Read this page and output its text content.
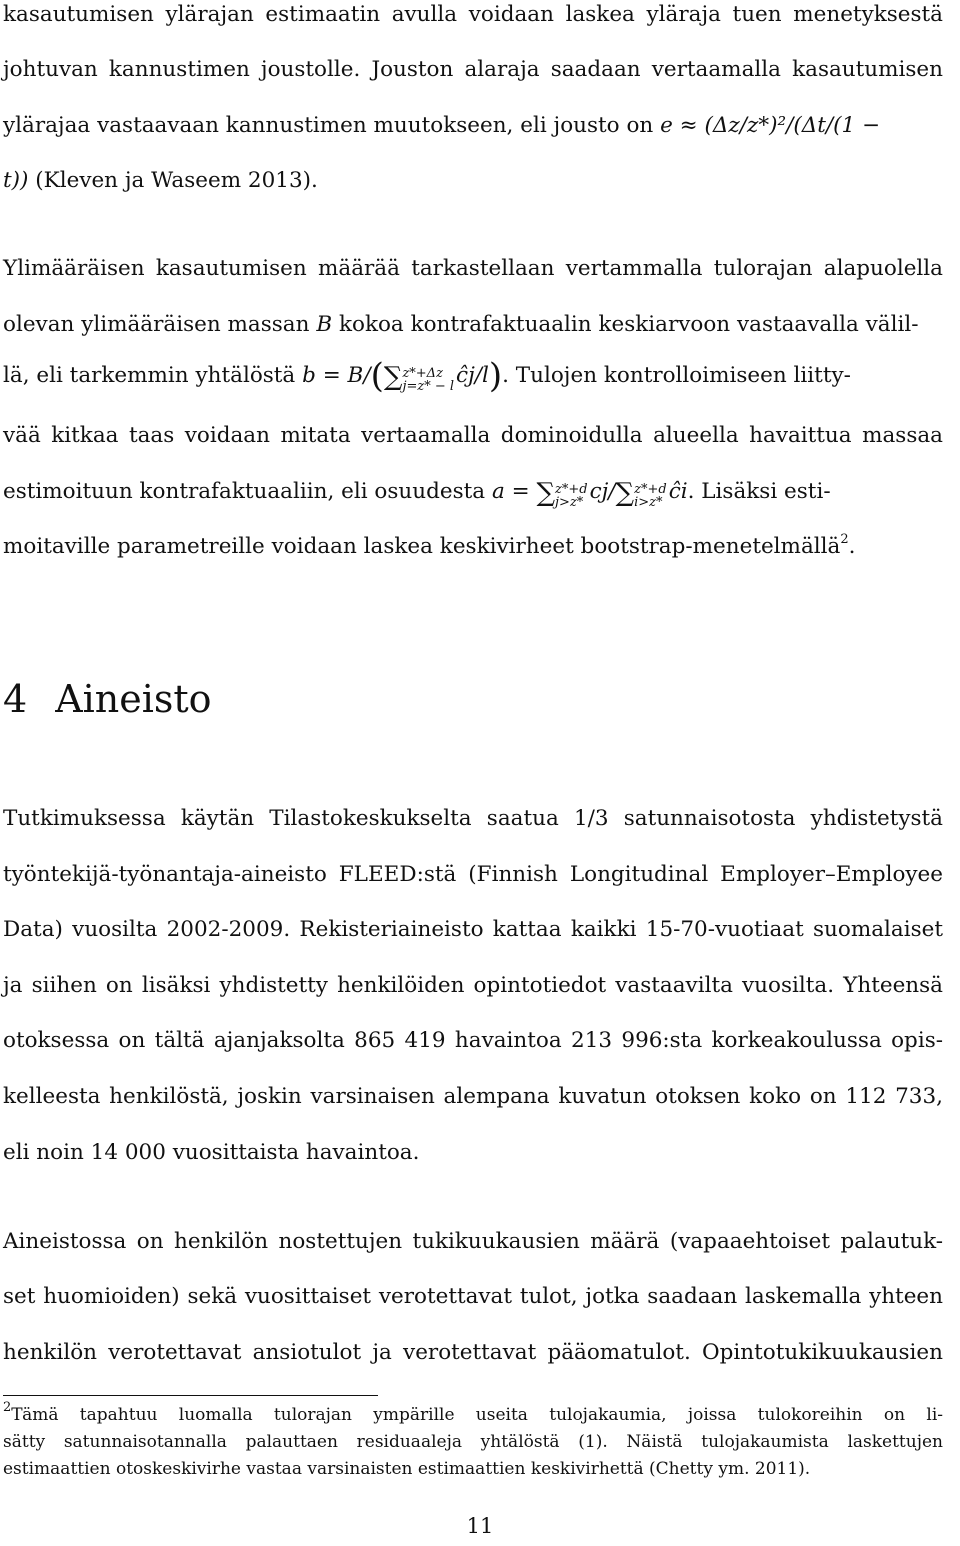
kasautumisen ylärajan estimaatin avulla voidaan laskea yläraja tuen menetyksestä
johtuvan kannustimen joustolle. Jouston alaraja saadaan vertaamalla kasautumisen
ylärajaa vastaavaan kannustimen muutokseen, eli jousto on e ≈ (Δz/z*)²/(Δt/(1 −
t)) (Kleven ja Waseem 2013).
Ylimääräisen kasautumisen määrää tarkastellaan vertammalla tulorajan alapuolella
olevan ylimääräisen massan B kokoa kontrafaktuaalin keskiarvoon vastaavalla välil-
lä, eli tarkemmin yhtälöstä b = B/(∑ z*+Δz
j=z* − l ĉj/l). Tulojen kontrolloimiseen liitty-
vää kitkaa taas voidaan mitata vertaamalla dominoidulla alueella havaittua massaa
estimoituun kontrafaktuaaliin, eli osuudesta a = ∑ z*+d
j>z* cj/∑ z*+d
i>z* ĉi. Lisäksi esti-
moitaville parametreille voidaan laskea keskivirheet bootstrap-menetelmällä$^2$.
4 Aineisto
Tutkimuksessa käytän Tilastokeskukselta saatua 1/3 satunnaisotosta yhdistetystä
työntekijä-työnantaja-aineisto FLEED:stä (Finnish Longitudinal Employer–Employee
Data) vuosilta 2002-2009. Rekisteriaineisto kattaa kaikki 15-70-vuotiaat suomalaiset
ja siihen on lisäksi yhdistetty henkilöiden opintotiedot vastaavilta vuosilta. Yhteensä
otoksessa on tältä ajanjaksolta 865 419 havaintoa 213 996:sta korkeakoulussa opis-
kelleesta henkilöstä, joskin varsinaisen alempana kuvatun otoksen koko on 112 733,
eli noin 14 000 vuosittaista havaintoa.
Aineistossa on henkilön nostettujen tukikuukausien määrä (vapaaehtoiset palautuk-
set huomioiden) sekä vuosittaiset verotettavat tulot, jotka saadaan laskemalla yhteen
henkilön verotettavat ansiotulot ja verotettavat pääomatulot. Opintotukikuukausien
$^2$Tämä tapahtuu luomalla tulorajan ympärille useita tulojakaumia, joissa tulokoreihin on li-
sätty satunnaisotannalla palauttaen residuaaleja yhtälöstä (1). Näistä tulojakaumista laskettujen
estimaattien otoskeskivirhe vastaa varsinaisten estimaattien keskivirhettä (Chetty ym. 2011).
11
